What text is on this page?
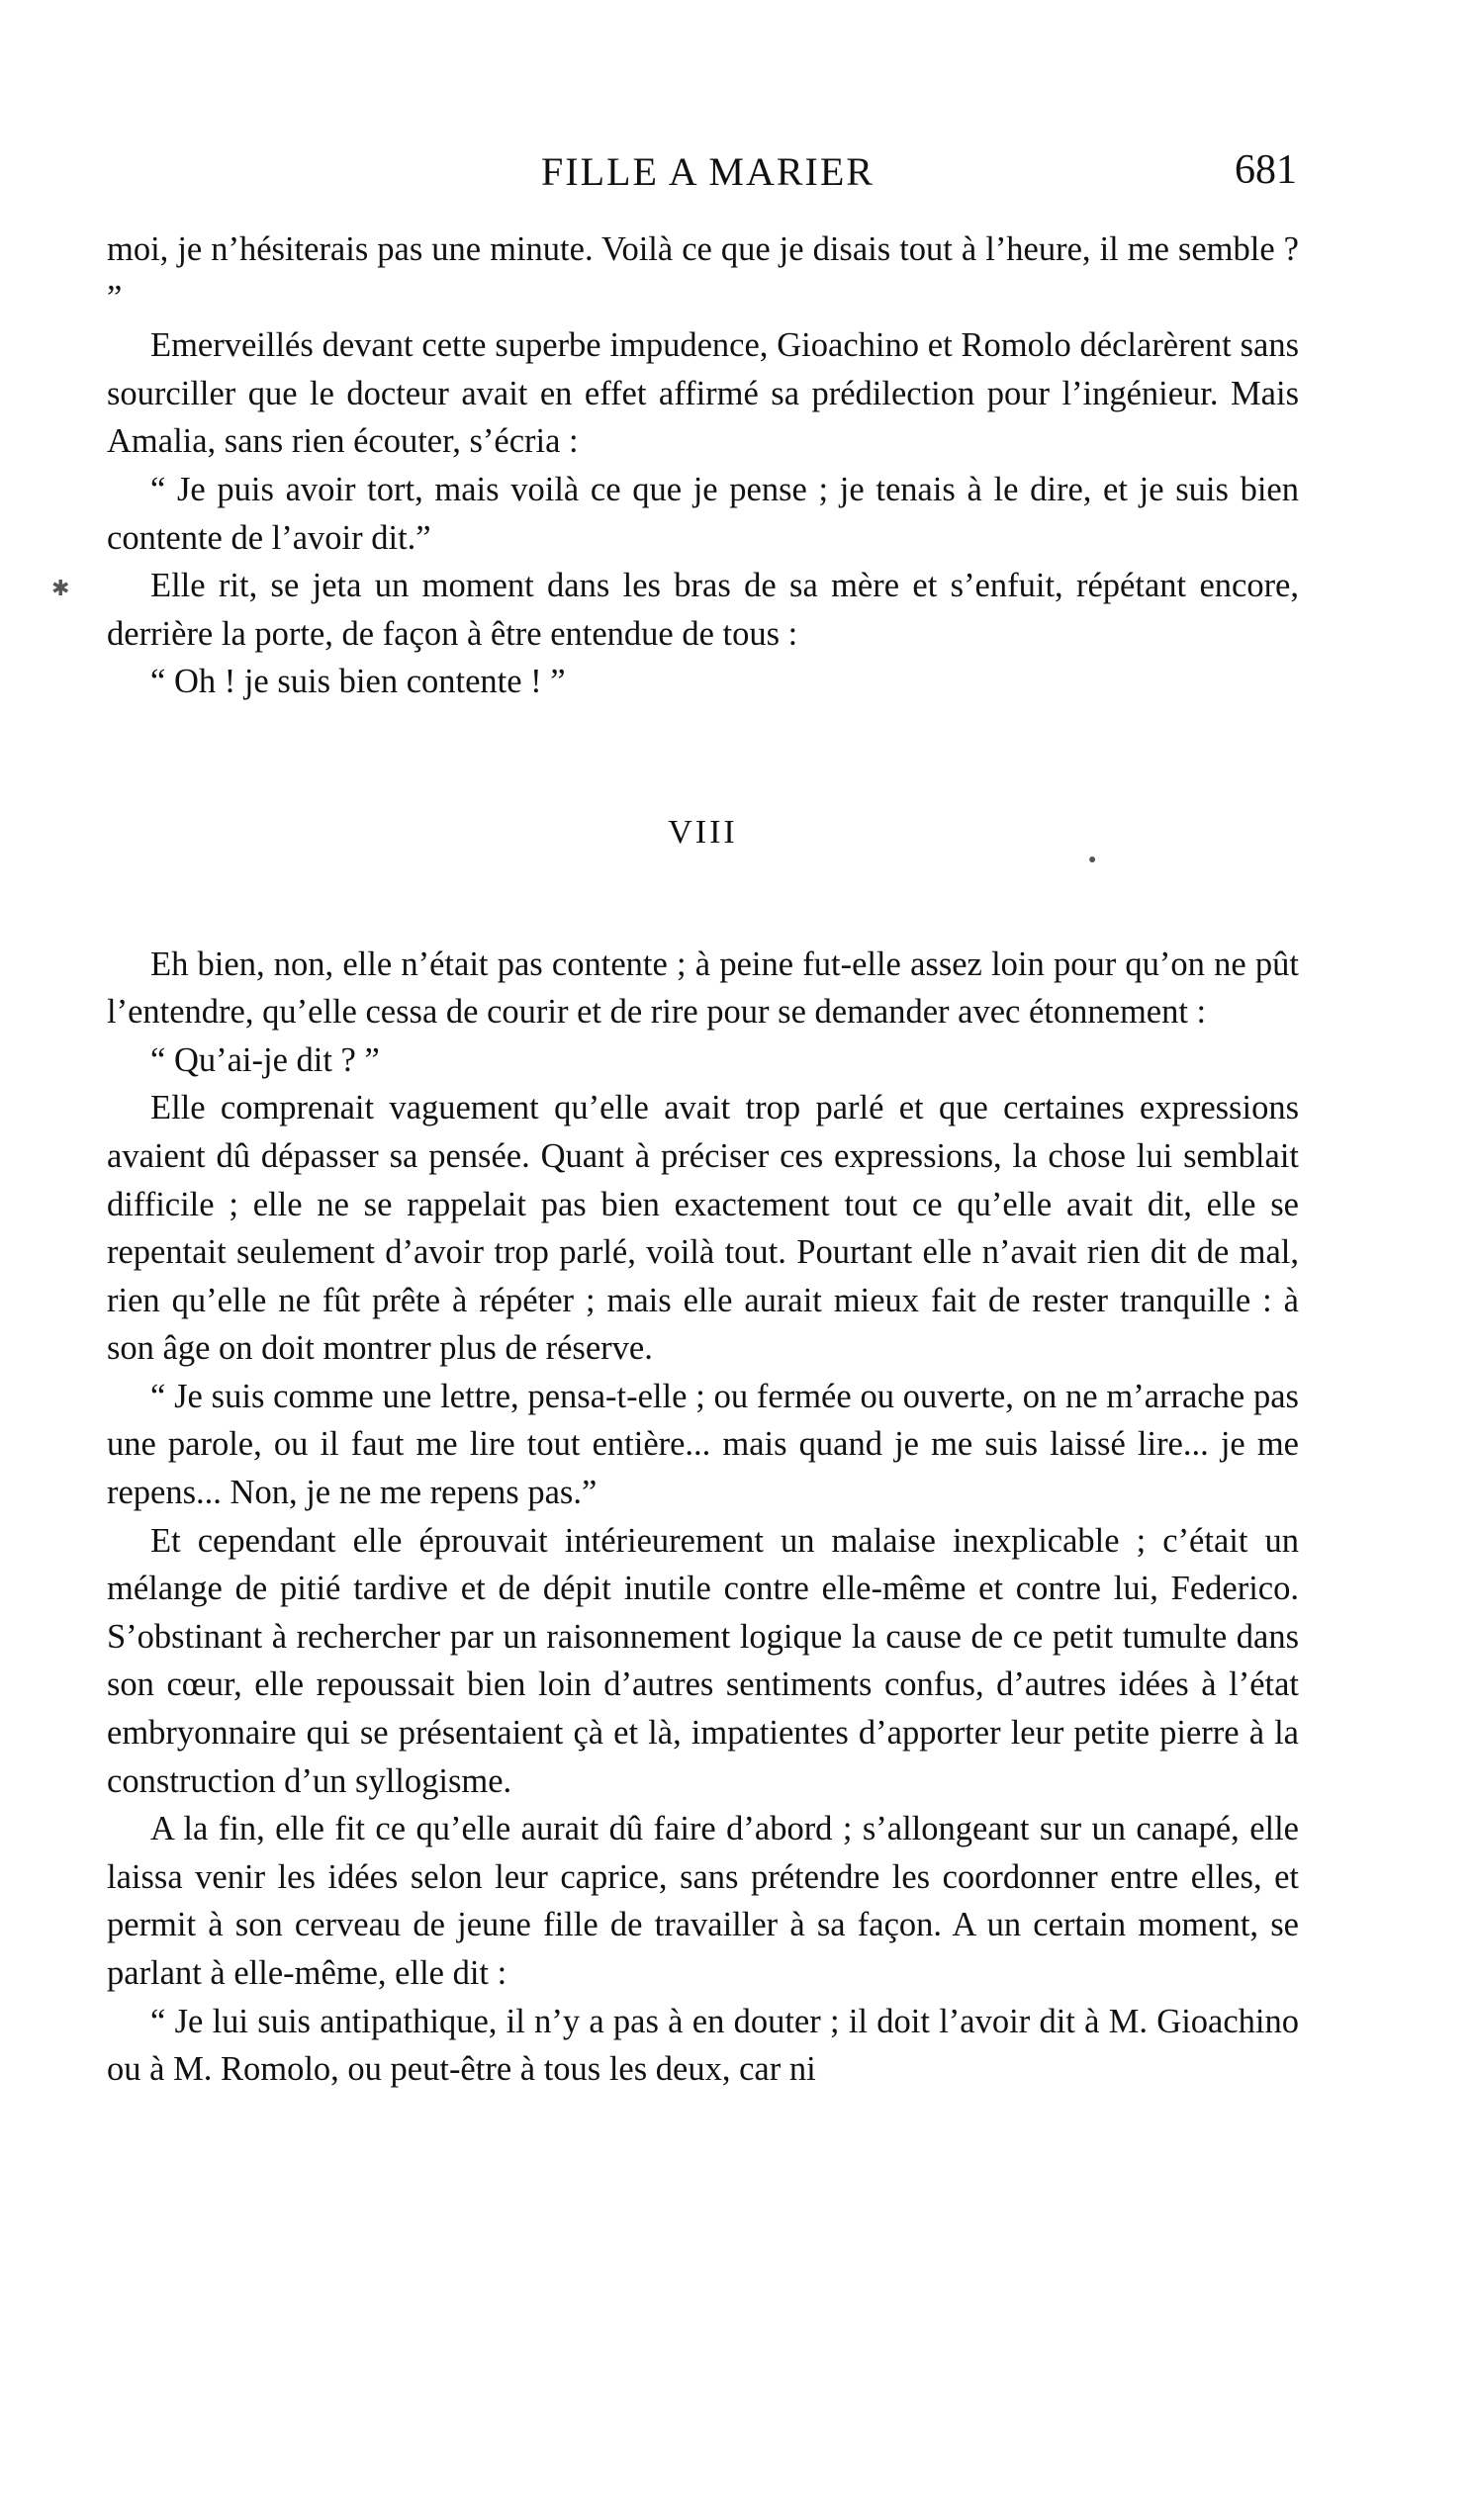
FILLE A MARIER	681

moi, je n’hésiterais pas une minute. Voilà ce que je disais tout à l’heure, il me semble ? ”

Emerveillés devant cette superbe impudence, Gioachino et Romolo déclarèrent sans sourciller que le docteur avait en effet affirmé sa prédilection pour l’ingénieur. Mais Amalia, sans rien écouter, s’écria :

“ Je puis avoir tort, mais voilà ce que je pense ; je tenais à le dire, et je suis bien contente de l’avoir dit.”

Elle rit, se jeta un moment dans les bras de sa mère et s’enfuit, répétant encore, derrière la porte, de façon à être entendue de tous :

“ Oh ! je suis bien contente ! ”

VIII

Eh bien, non, elle n’était pas contente ; à peine fut-elle assez loin pour qu’on ne pût l’entendre, qu’elle cessa de courir et de rire pour se demander avec étonnement :

“ Qu’ai-je dit ? ”

Elle comprenait vaguement qu’elle avait trop parlé et que certaines expressions avaient dû dépasser sa pensée. Quant à préciser ces expressions, la chose lui semblait difficile ; elle ne se rappelait pas bien exactement tout ce qu’elle avait dit, elle se repentait seulement d’avoir trop parlé, voilà tout. Pourtant elle n’avait rien dit de mal, rien qu’elle ne fût prête à répéter ; mais elle aurait mieux fait de rester tranquille : à son âge on doit montrer plus de réserve.

“ Je suis comme une lettre, pensa-t-elle ; ou fermée ou ouverte, on ne m’arrache pas une parole, ou il faut me lire tout entière... mais quand je me suis laissé lire... je me repens... Non, je ne me repens pas.”

Et cependant elle éprouvait intérieurement un malaise inexplicable ; c’était un mélange de pitié tardive et de dépit inutile contre elle-même et contre lui, Federico. S’obstinant à rechercher par un raisonnement logique la cause de ce petit tumulte dans son cœur, elle repoussait bien loin d’autres sentiments confus, d’autres idées à l’état embryonnaire qui se présentaient çà et là, impatientes d’apporter leur petite pierre à la construction d’un syllogisme.

A la fin, elle fit ce qu’elle aurait dû faire d’abord ; s’allongeant sur un canapé, elle laissa venir les idées selon leur caprice, sans prétendre les coordonner entre elles, et permit à son cerveau de jeune fille de travailler à sa façon. A un certain moment, se parlant à elle-même, elle dit :

“ Je lui suis antipathique, il n’y a pas à en douter ; il doit l’avoir dit à M. Gioachino ou à M. Romolo, ou peut-être à tous les deux, car ni

✱
●
